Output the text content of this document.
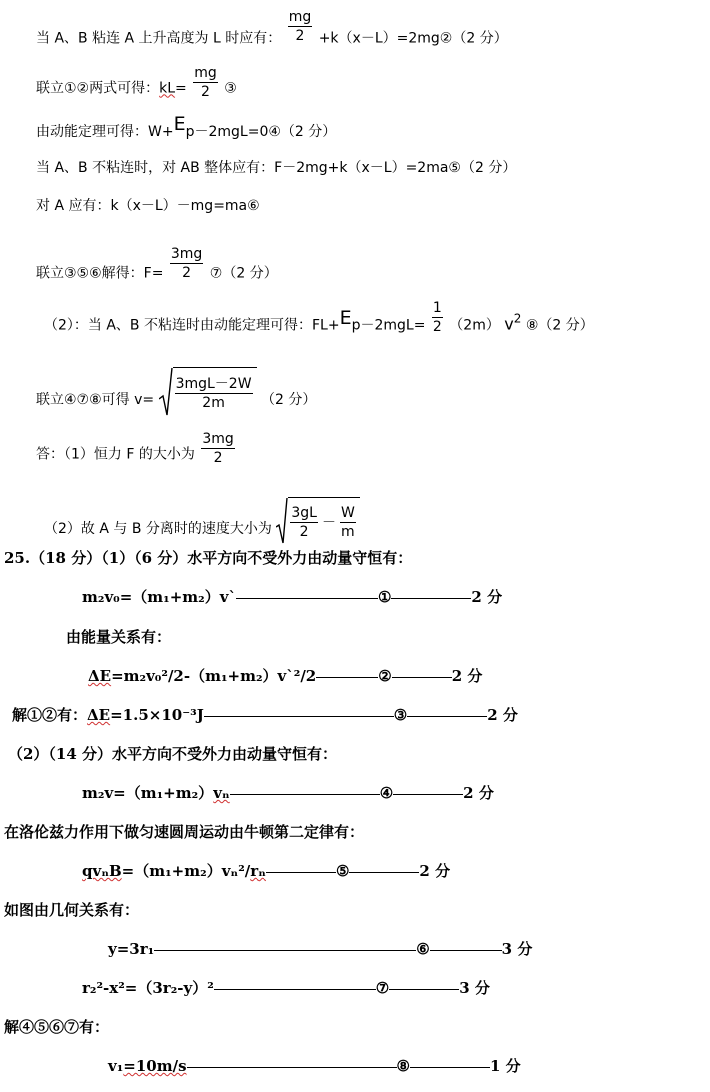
当 A、B 粘连 A 上升高度为 L 时应有： $\frac{mg}{2}$ +k（x－L）=2mg②（2 分）
联立①②两式可得：$kL= \frac{mg}{2}$ ③
由动能定理可得：W+Ep－2mgL=0④（2 分）
当 A、B 不粘连时，对 AB 整体应有：F－2mg+k（x－L）=2ma⑤（2 分）
对 A 应有：k（x－L）－mg=ma⑥
联立③⑤⑥解得：$F= \frac{3mg}{2}$ ⑦（2 分）
（2）：当 A、B 不粘连时由动能定理可得：$FL+Ep-2mgL= \frac{1}{2} (2m)$ v2 ⑧（2 分）
联立④⑦⑧可得 $v= \frac{\text{3mgL－2W}}{2m} (2$ 分）
答：（1）恒力 F 的大小为 $\frac{3mg}{2}$
（2）故 A 与 B 分离时的速度大小为 $\frac{3gL}{2} - \frac{W}{m}$
25.（18 分）（1）（6 分）水平方向不受外力由动量守恒有：
m₂v₀=（m₁+m₂）v`	①	2 分
由能量关系有：
ΔE=m₂v₀²/2-（m₁+m₂）v`²/2	②	2 分
解①②有：ΔE=1.5×10⁻³J	③	2 分
（2）（14 分）水平方向不受外力由动量守恒有：
m₂v=（m₁+m₂）vₙ	④	2 分
在洛伦兹力作用下做匀速圆周运动由牛顿第二定律有：
qvₙB=（m₁+m₂）vₙ²/rₙ	⑤	2 分
如图由几何关系有：
y=3r₁	⑥	3 分
r₂²-x²=（3r₂-y）²	⑦	3 分
解④⑤⑥⑦有：
v₁=10m/s	⑧	1 分
